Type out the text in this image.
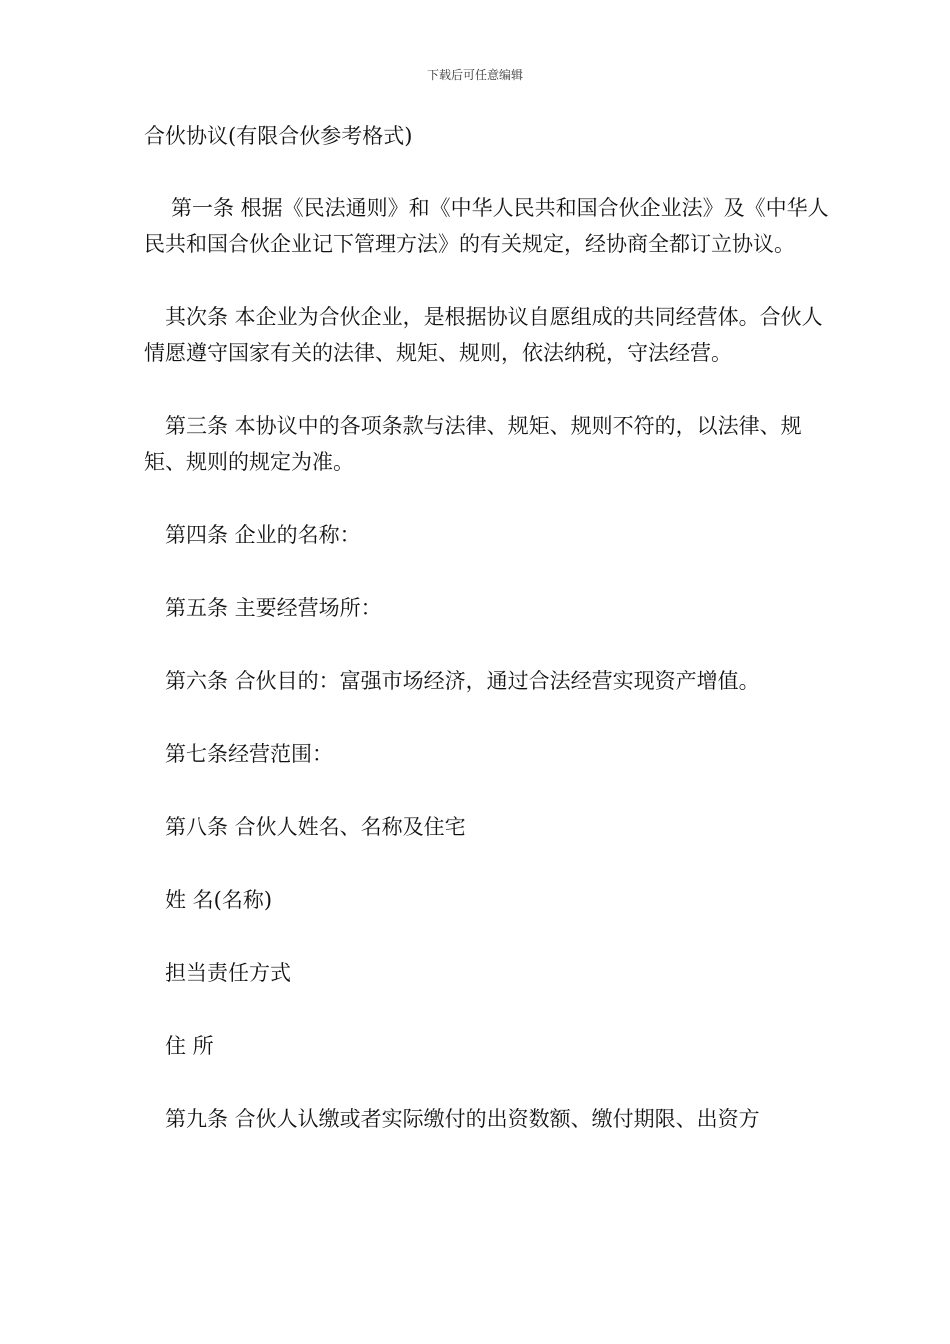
下载后可任意编辑

合伙协议(有限合伙参考格式)

第一条 根据《民法通则》和《中华人民共和国合伙企业法》及《中华人民共和国合伙企业记下管理方法》的有关规定，经协商全都订立协议。

其次条 本企业为合伙企业，是根据协议自愿组成的共同经营体。合伙人情愿遵守国家有关的法律、规矩、规则，依法纳税，守法经营。

第三条 本协议中的各项条款与法律、规矩、规则不符的，以法律、规矩、规则的规定为准。

第四条 企业的名称：

第五条 主要经营场所：

第六条 合伙目的：富强市场经济，通过合法经营实现资产增值。

第七条经营范围：

第八条 合伙人姓名、名称及住宅

姓 名(名称)

担当责任方式

住 所

第九条 合伙人认缴或者实际缴付的出资数额、缴付期限、出资方
